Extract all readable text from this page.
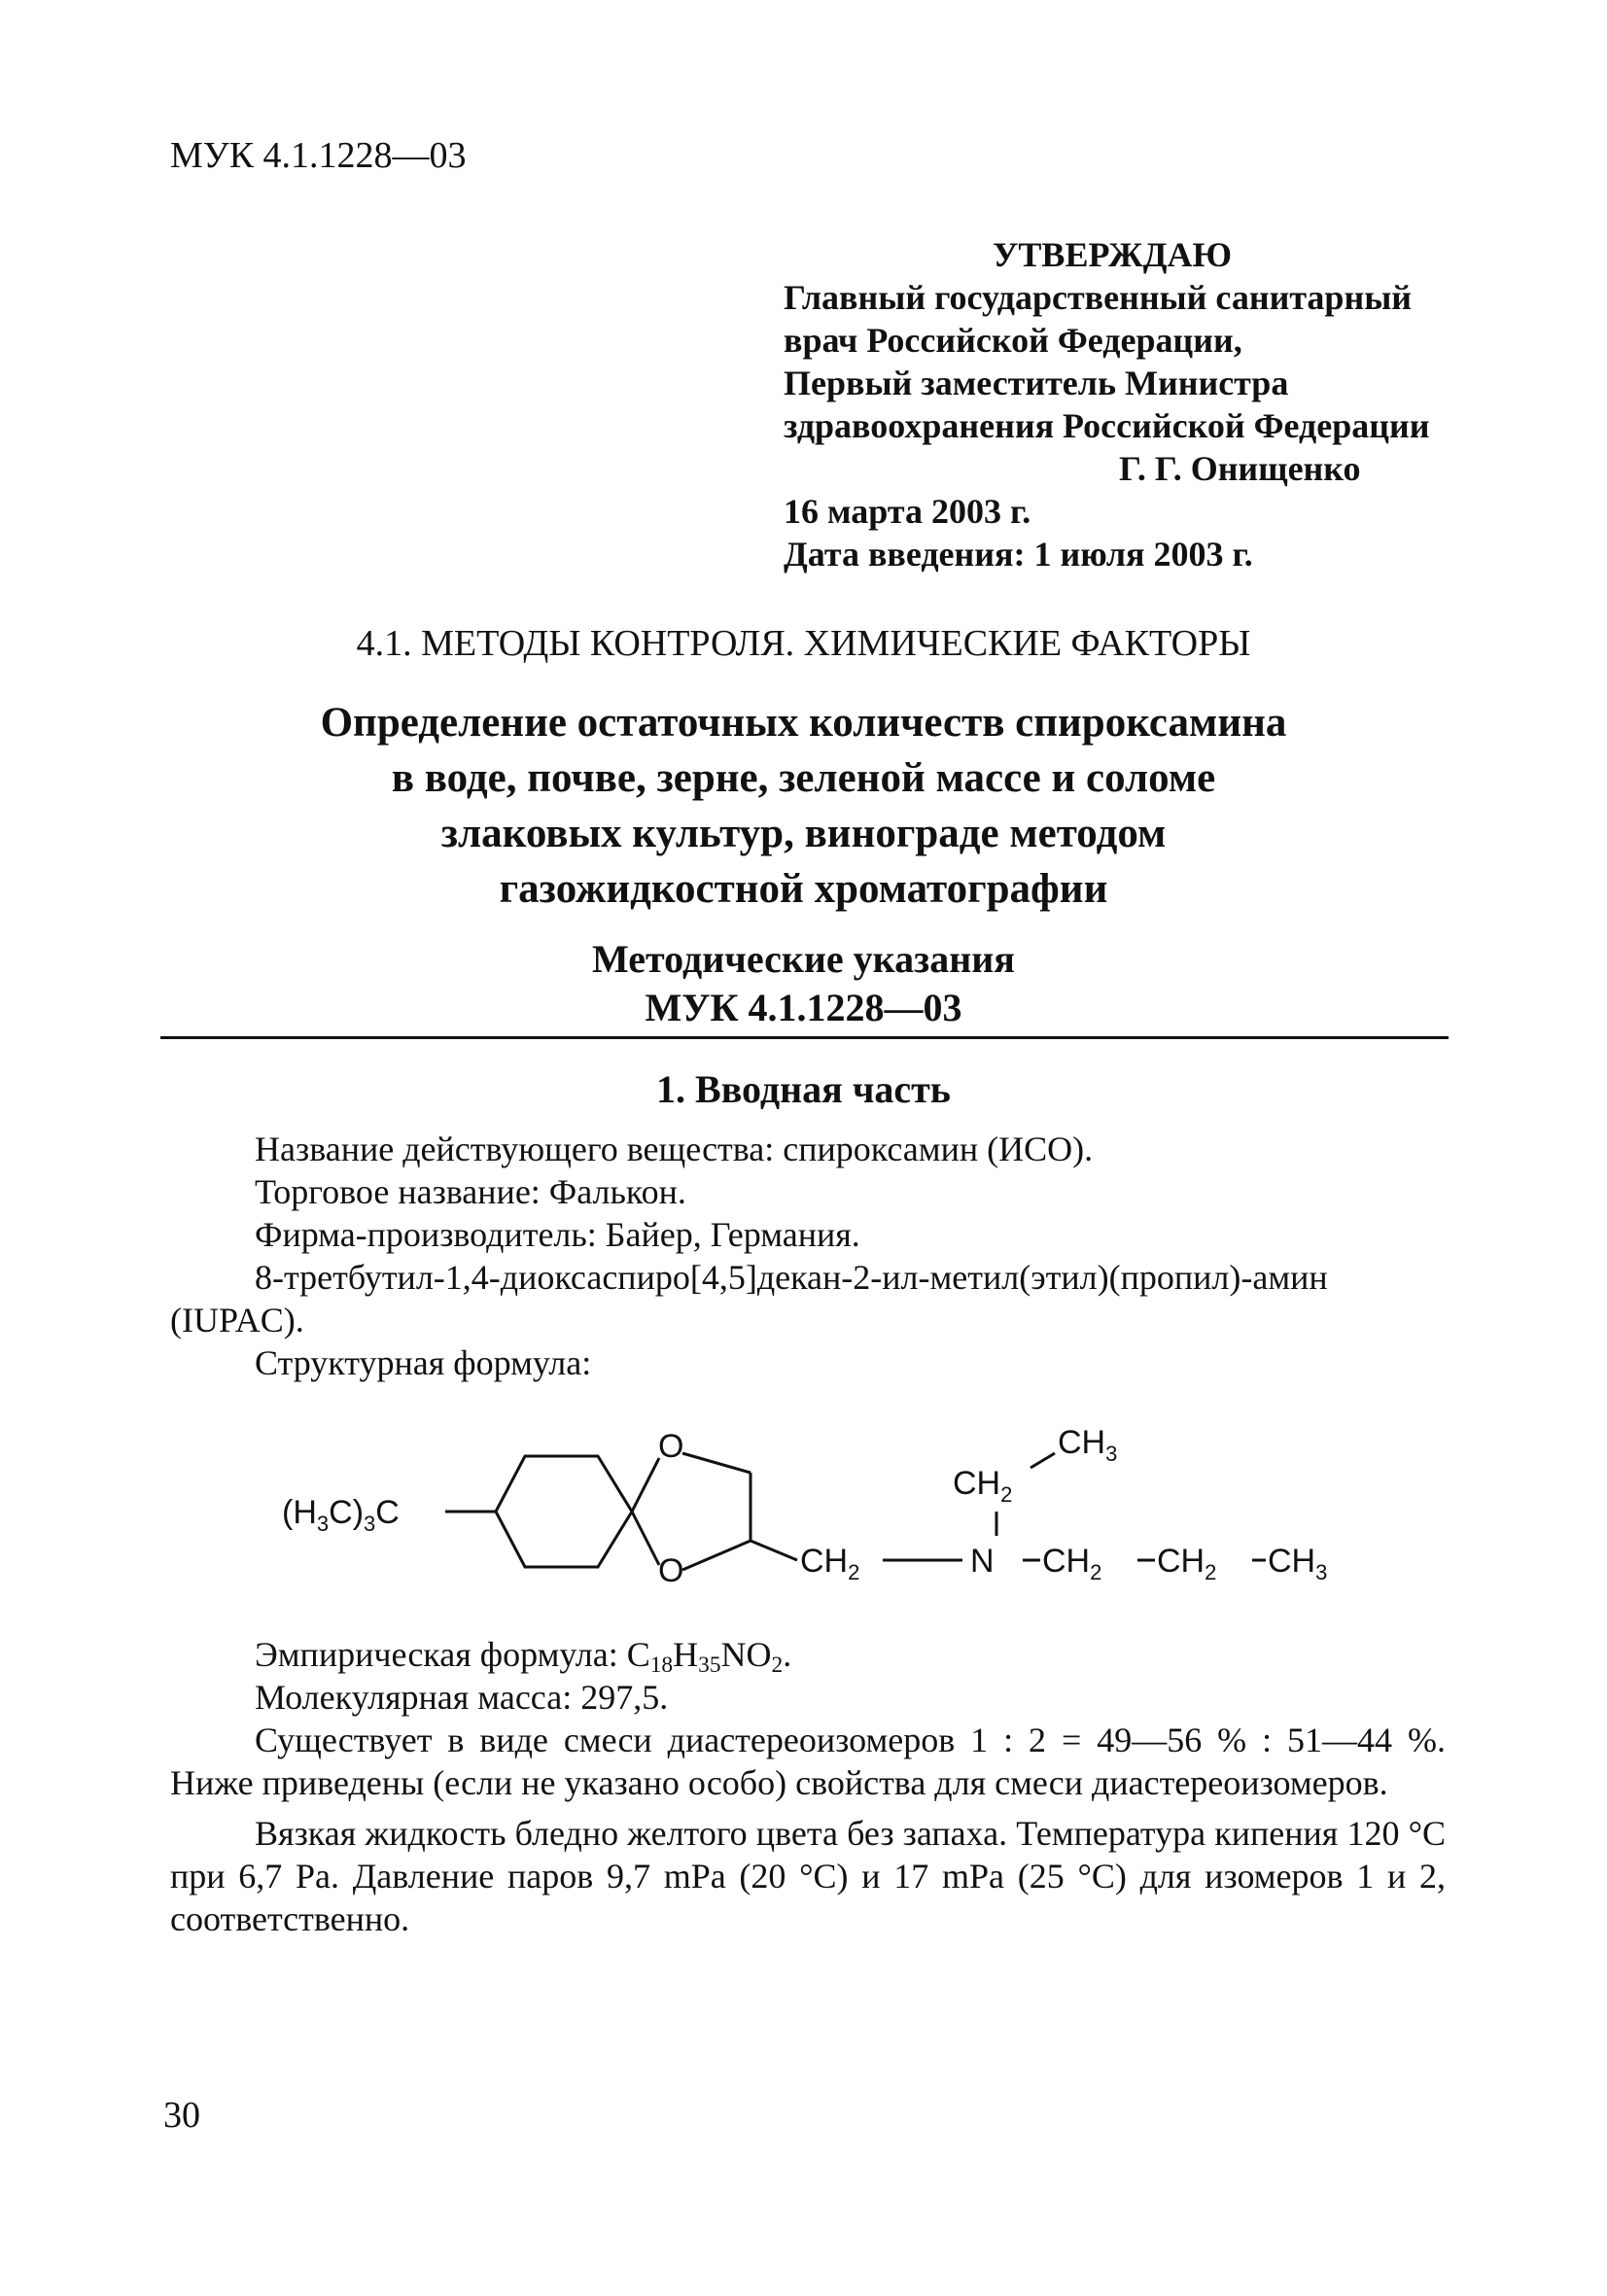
МУК 4.1.1228—03
УТВЕРЖДАЮ
Главный государственный санитарный
врач Российской Федерации,
Первый заместитель Министра
здравоохранения Российской Федерации
Г. Г. Онищенко
16 марта 2003 г.
Дата введения: 1 июля 2003 г.
4.1. МЕТОДЫ КОНТРОЛЯ. ХИМИЧЕСКИЕ ФАКТОРЫ
Определение остаточных количеств спироксамина
в воде, почве, зерне, зеленой массе и соломе
злаковых культур, винограде методом
газожидкостной хроматографии
Методические указания
МУК 4.1.1228—03
1. Вводная часть
Название действующего вещества: спироксамин (ИСО).
Торговое название: Фалькон.
Фирма-производитель: Байер, Германия.
8-третбутил-1,4-диоксаспиро[4,5]декан-2-ил-метил(этил)(пропил)-амин (IUPAC).
Структурная формула:
$(H_3C)_3C$
O
O	$CH_2$	N
$CH_2$
$CH_3$
$CH_2$ $CH_2$ $CH_3$
Эмпирическая формула: $C_{18}H_{35}NO_2$.
Молекулярная масса: 297,5.
Существует в виде смеси диастереоизомеров 1 : 2 = 49—56 % : 51—44 %. Ниже приведены (если не указано особо) свойства для смеси диастереоизомеров.
Вязкая жидкость бледно желтого цвета без запаха. Температура кипения 120 °C при 6,7 Pa. Давление паров 9,7 mPa (20 °C) и 17 mPa (25 °C) для изомеров 1 и 2, соответственно.
30
